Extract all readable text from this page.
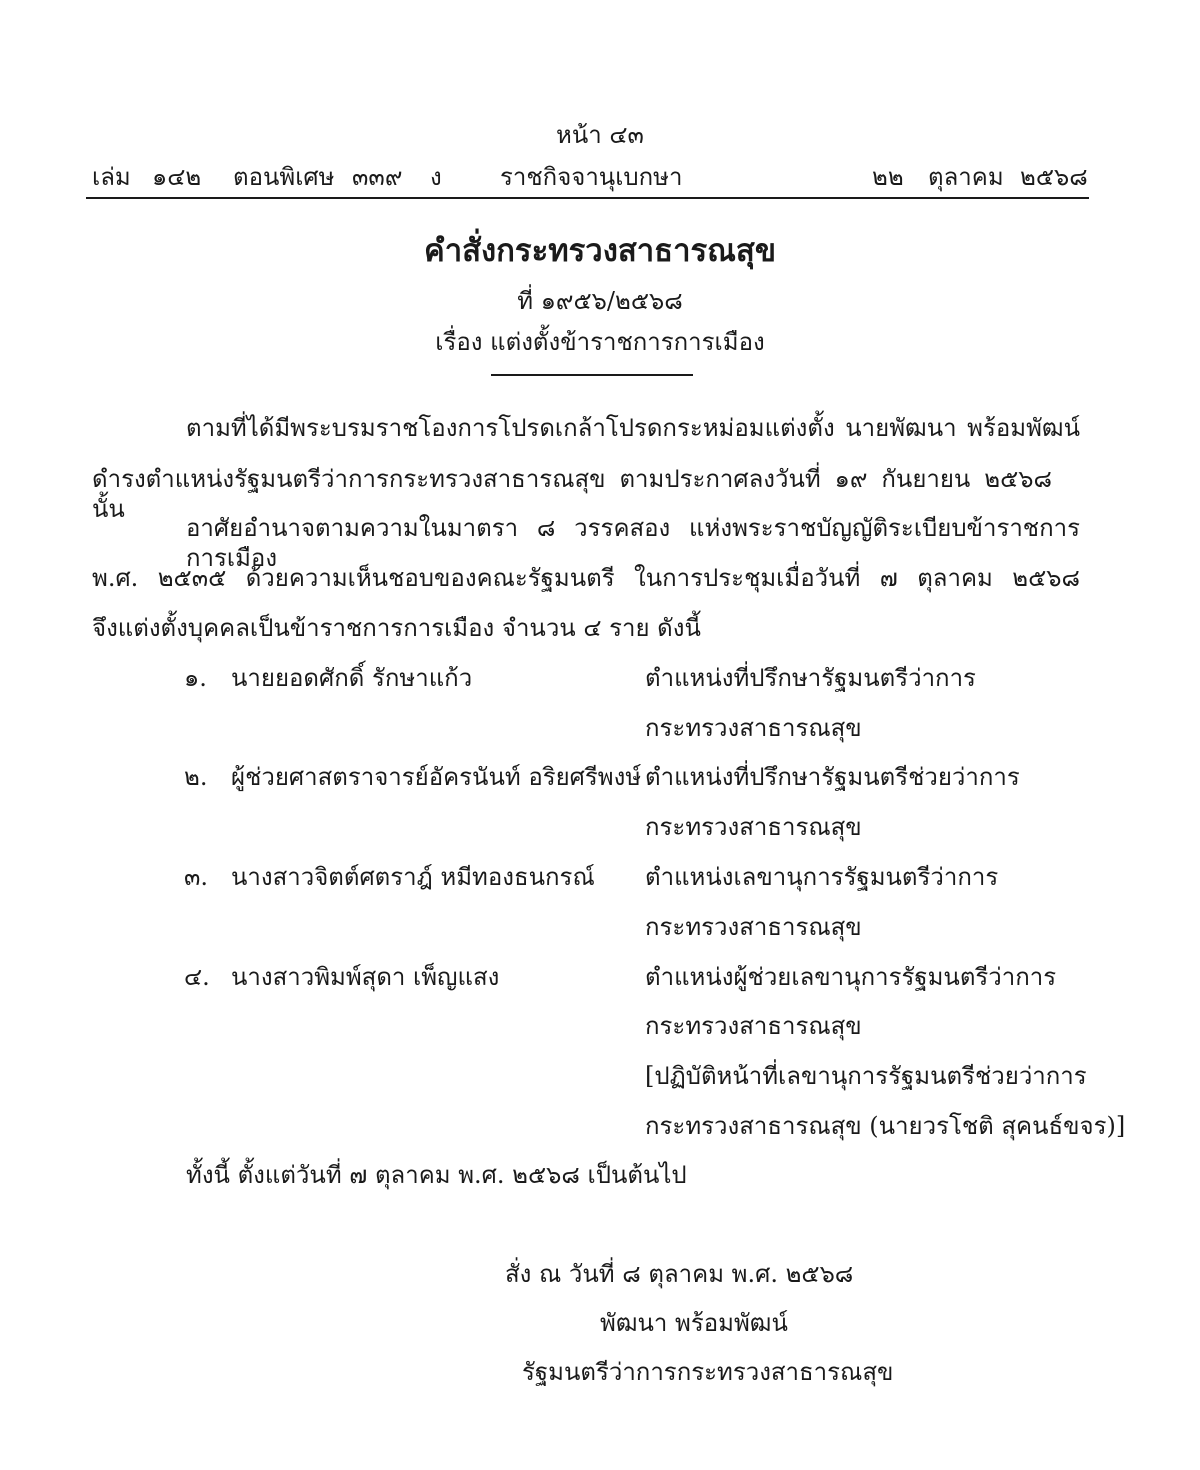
หน้า ๔๓
เล่ม ๑๔๒ ตอนพิเศษ ๓๓๙ ง ราชกิจจานุเบกษา	๒๒ ตุลาคม ๒๕๖๘
คำสั่งกระทรวงสาธารณสุข
ที่ ๑๙๕๖/๒๕๖๘
เรื่อง แต่งตั้งข้าราชการการเมือง
ตามที่ได้มีพระบรมราชโองการโปรดเกล้าโปรดกระหม่อมแต่งตั้ง นายพัฒนา พร้อมพัฒน์
ดำรงตำแหน่งรัฐมนตรีว่าการกระทรวงสาธารณสุข ตามประกาศลงวันที่ ๑๙ กันยายน ๒๕๖๘ นั้น
อาศัยอำนาจตามความในมาตรา ๘ วรรคสอง แห่งพระราชบัญญัติระเบียบข้าราชการการเมือง
พ.ศ. ๒๕๓๕ ด้วยความเห็นชอบของคณะรัฐมนตรี ในการประชุมเมื่อวันที่ ๗ ตุลาคม ๒๕๖๘
จึงแต่งตั้งบุคคลเป็นข้าราชการการเมือง จำนวน ๔ ราย ดังนี้
๑. นายยอดศักดิ์ รักษาแก้ว	ตำแหน่งที่ปรึกษารัฐมนตรีว่าการ
กระทรวงสาธารณสุข
๒. ผู้ช่วยศาสตราจารย์อัครนันท์ อริยศรีพงษ์ ตำแหน่งที่ปรึกษารัฐมนตรีช่วยว่าการ
กระทรวงสาธารณสุข
๓. นางสาวจิตต์ศตราฎ์ หมีทองธนกรณ์ ตำแหน่งเลขานุการรัฐมนตรีว่าการ
กระทรวงสาธารณสุข
๔. นางสาวพิมพ์สุดา เพ็ญแสง	ตำแหน่งผู้ช่วยเลขานุการรัฐมนตรีว่าการ
กระทรวงสาธารณสุข
[ปฏิบัติหน้าที่เลขานุการรัฐมนตรีช่วยว่าการ
กระทรวงสาธารณสุข (นายวรโชติ สุคนธ์ขจร)]
ทั้งนี้ ตั้งแต่วันที่ ๗ ตุลาคม พ.ศ. ๒๕๖๘ เป็นต้นไป
สั่ง ณ วันที่ ๘ ตุลาคม พ.ศ. ๒๕๖๘
พัฒนา พร้อมพัฒน์
รัฐมนตรีว่าการกระทรวงสาธารณสุข
